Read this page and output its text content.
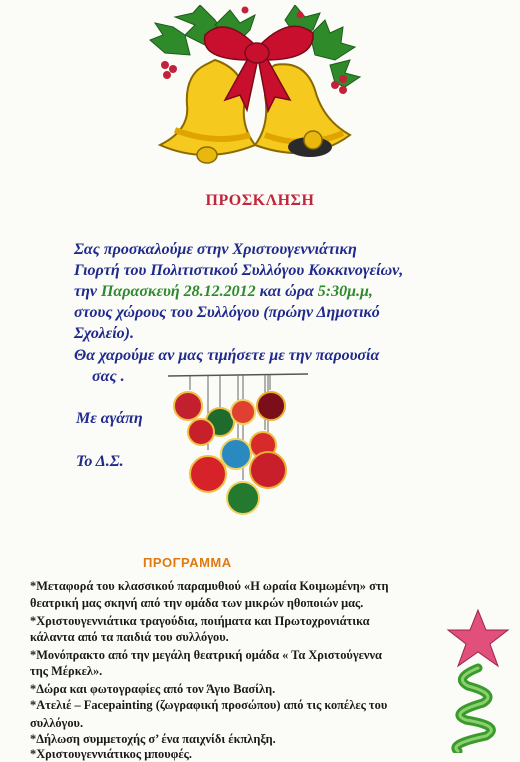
ΠΡΟΣΚΛΗΣΗ
Σας προσκαλούμε στην Χριστουγεννιάτικη
Γιορτή του Πολιτιστικού Συλλόγου Κοκκινογείων,
την Παρασκευή 28.12.2012 και ώρα 5:30μ.μ,
στους χώρους του Συλλόγου (πρώην Δημοτικό
Σχολείο).
Θα χαρούμε αν μας τιμήσετε με την παρουσία
σας .
Με αγάπη
Το Δ.Σ.
ΠΡΟΓΡΑΜΜΑ
*Μεταφορά του κλασσικού παραμυθιού «Η ωραία Κοιμωμένη» στη
θεατρική μας σκηνή από την ομάδα των μικρών ηθοποιών μας.
*Χριστουγεννιάτικα τραγούδια, ποιήματα και Πρωτοχρονιάτικα
κάλαντα από τα παιδιά του συλλόγου.
*Μονόπρακτο από την μεγάλη θεατρική ομάδα « Τα Χριστούγεννα
της Μέρκελ».
*Δώρα και φωτογραφίες από τον Άγιο Βασίλη.
*Ατελιέ – Facepainting (ζωγραφική προσώπου) από τις κοπέλες του
συλλόγου.
*Δήλωση συμμετοχής σ’ ένα παιχνίδι έκπληξη.
*Χριστουγεννιάτικος μπουφές.
